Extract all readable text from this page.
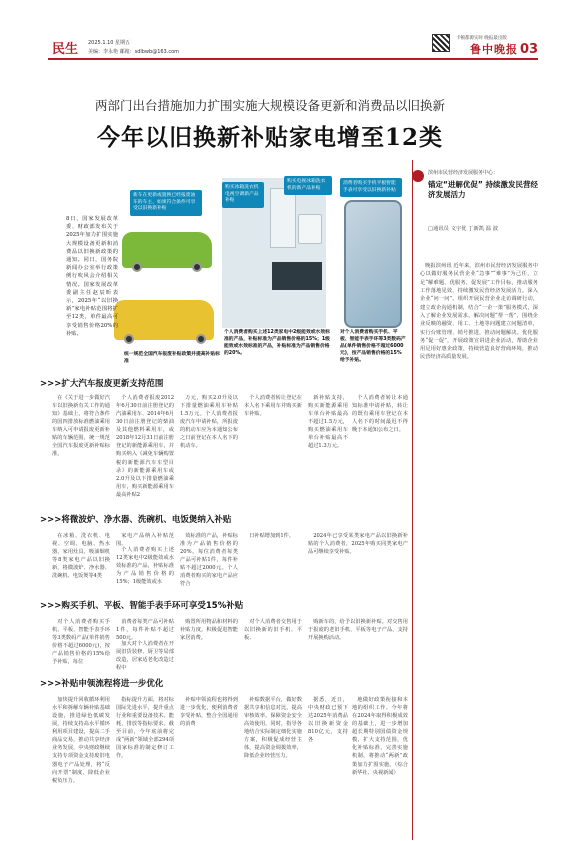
民生 2025.1.10 星期五
美编：李永艳 邮箱：sdlbwb@163.com
卡顿都源实时 晚报最出版
鲁中晚报 03
两部门出台措施加力扩围实施大规模设备更新和消费品以旧换新
今年以旧换新补贴家电增至12类
新车在更新或置换已经报废油车的车主，如果符合条件可享受以旧换新补贴
统一规范全国汽车报废补贴政策并提高补贴标准
购买冰箱洗衣机电视空调新产品补贴
购买电视冰箱洗衣机的新产品补贴
个人消费者购买上述12类家电中2级能效或水效标准的产品，补贴标准为产品销售价格的15%；1级能效或水效标准的产品，补贴标准为产品销售价格的20%。
消费者购买手机平板智能手表可享受以旧换新补贴
对个人消费者购买手机、平板、智能手表手环等3类数码产品(单件销售价格不超过6000元)，按产品销售价格的15%给予补贴。
8日，国家发展改革委、财政部发布关于2025年加力扩围实施大规模设备更新和消费品以旧换新政策的通知。同日，国务院新闻办公室举行政策例行吹风会介绍相关情况。国家发展改革委副主任赵辰昕表示，2025年“以旧换新”家电补贴范围将扩至12类，单件最高可享受销售价格20%的补贴。
>>>扩大汽车报废更新支持范围
在《关于进一步做好汽车以旧换新有关工作的通知》基础上，将符合条件的国四排放标准燃油乘用车纳入可申请报废更新补贴的车辆范围，统一规范全国汽车报废更新补贴标准。
个人消费者报废2012年6月30日前注册登记的汽油乘用车、2014年6月30日前注册登记的柴油及其他燃料乘用车，或2018年12月31日前注册登记的新能源乘用车，并购买纳入《减免车辆购置税的新能源汽车车型目录》的新能源乘用车或2.0升及以下排量燃油乘用车，购买新能源乘用车最高补贴2
万元，购买2.0升及以下排量燃油乘用车补贴1.5万元。个人消费者报废汽车申请补贴，所报废的机动车应为本通知公布之日前登记在本人名下的机动车。
个人消费者转让登记在本人名下乘用车并购买新车补贴。
新补贴支持，购买新能源乘用车单台补贴最高不超过1.5万元，购买燃油乘用车单台补贴最高不超过1.3万元。
个人消费者转让本通知标准申请补贴，转让的既有乘用车登记在本人名下的时间最迟不得晚于本通知公布之日。
>>>将微波炉、净水器、洗碗机、电饭煲纳入补贴
在冰箱、洗衣机、电视、空调、电脑、热水器、家用灶具、吸油烟机等8类家电产品以旧换新，将微波炉、净水器、洗碗机、电饭煲等4类
家电产品纳入补贴范围。
个人消费者购买上述12类家电中2级能效或水效标准的产品，补贴标准为产品销售价格的15%；1级能效或水
效标准的产品，补贴标准为产品销售价格的20%。每位消费者每类产品可补贴1件，每件补贴不超过2000元。个人消费者购买的家电产品应符合
日补贴增加到1件。	2024年已享受某类家电产品以旧换新补贴的个人消费者，2025年购买同类家电产品可继续享受补贴。
>>>购买手机、平板、智能手表手环可享受15%补贴
对个人消费者购买手机、平板、智能手表手环等3类数码产品(单件销售价格不超过6000元)，按产品销售价格的15%给予补贴，每位
消费者每类产品可补贴1件，每件补贴不超过500元。
加大对个人消费者在开展旧货装修、厨卫等局部改造，居家适老化改造过程中
购置所用物品和材料的补贴力度，积极促进智能家居消费。
对个人消费者交售用于以旧换新的旧手机、平板、
购新车的，给予以旧换新补贴。对交售用于报废的老旧手机、平板等电子产品，支持开展换购活动。
>>>补贴申领流程将进一步优化
加快提升回收循环利用水平和拆解车辆补贴基础设施，推进绿色低碳发展，持续支持高水平循环利用项目建设，提高二手商品交易，推动共享经济业务发展，中央财政继续支持专项资金支持废旧电器电子产品处理，将“反向开票”制度、降低企业税负压力。
指标提升方面，将对标国际先进水平，提升重点行业和重要设备技术、能耗、排放等指标要求。截至目前，今年底前将完成“两新”领域全部294项国家标准的制定修订工作。
补贴申领流程也将得到进一步优化，便利消费者享受补贴，整合全国通用的消费
补贴数据平台，做好数据共享和信息对比，提高审核效率。保障资金安全高效使用，同时，指导各地结合实际制定细化实施方案，积极促成经营主体，提高资金调拨效率，降低企业经营压力。
据悉，近日，中央财政已预下达2025年消费品以旧换新资金810亿元，支持各
地做好政策衔接和本地的组织工作。今年将在2024年取得积极成效的基础上，进一步增加超长期特别国债资金规模，扩大支持范围，优化补贴标准，完善实施机制，将推动“两新”政策加力扩围实施。（综合新华社、央视新闻）
滨州市民营经济发展服务中心：
锚定“进解优促” 持续激发民营经济发展活力
□通讯员 文宇优 丁新凯 温 波
晚报滨州讯 近年来，滨州市民营经济发展服务中心以做好服务民营企业“急事”“难事”为己任，立足“解难题、优服务、促发展”工作目标，推动服务工作落地见效，持续激发民营经济发展活力。深入企业“问一问”。组织开展民营企业走访调研行动，建立政企沟通机制，结合“一企一策”服务模式，深入了解企业发展需求。解决问题“帮一帮”，围绕企业反映的融资、用工、土地等问题建立问题清单，实行台账管理、销号推进，推动问题解决。优化服务“促一促”，开展政策宣讲进企业活动，帮助企业用足用好惠企政策，持续营造良好营商环境，推动民营经济高质量发展。
